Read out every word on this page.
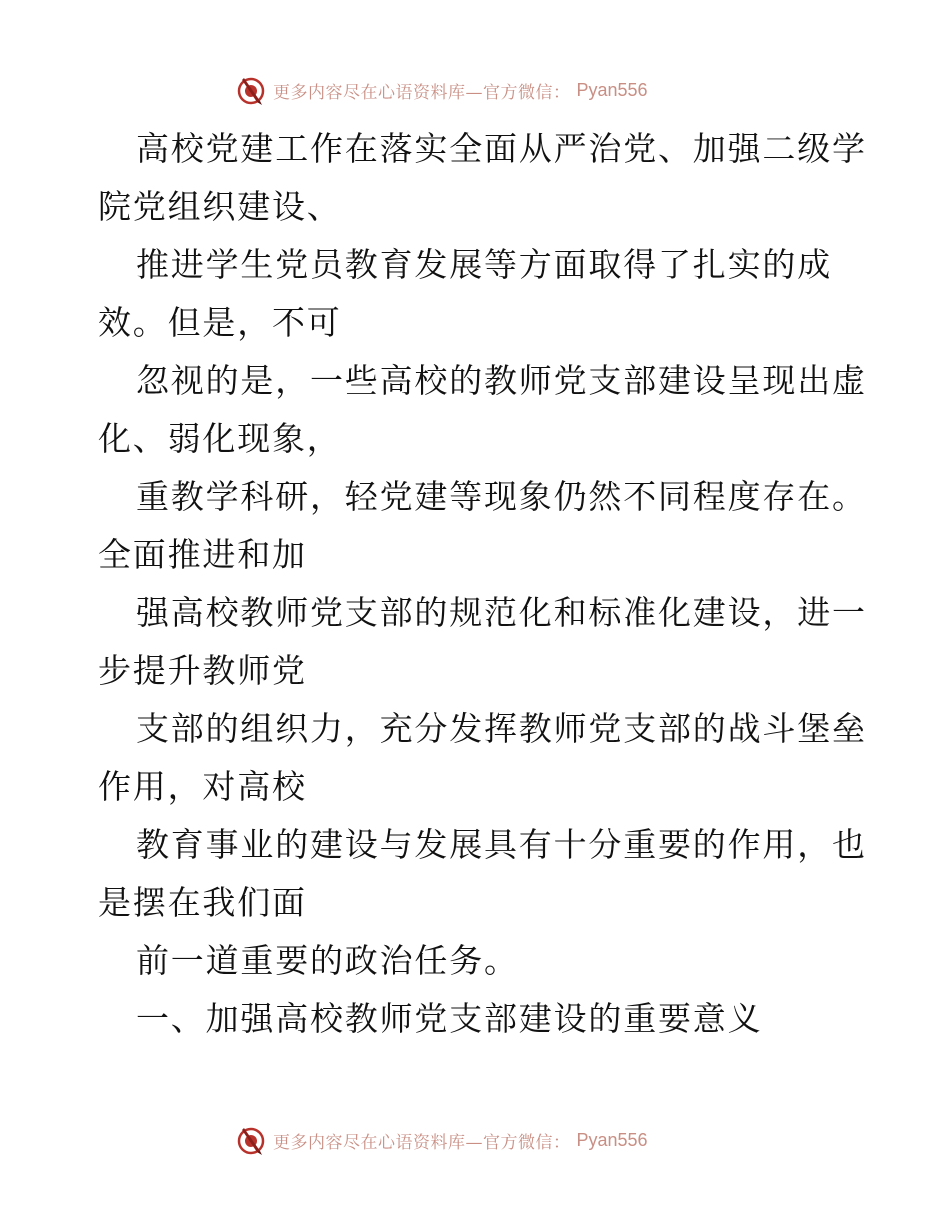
更多内容尽在心语资料库—官方微信： Pyan556
高校党建工作在落实全面从严治党、加强二级学
院党组织建设、
推进学生党员教育发展等方面取得了扎实的成
效。但是，不可
忽视的是，一些高校的教师党支部建设呈现出虚
化、弱化现象，
重教学科研，轻党建等现象仍然不同程度存在。
全面推进和加
强高校教师党支部的规范化和标准化建设，进一
步提升教师党
支部的组织力，充分发挥教师党支部的战斗堡垒
作用，对高校
教育事业的建设与发展具有十分重要的作用，也
是摆在我们面
前一道重要的政治任务。
一、加强高校教师党支部建设的重要意义
更多内容尽在心语资料库—官方微信： Pyan556
